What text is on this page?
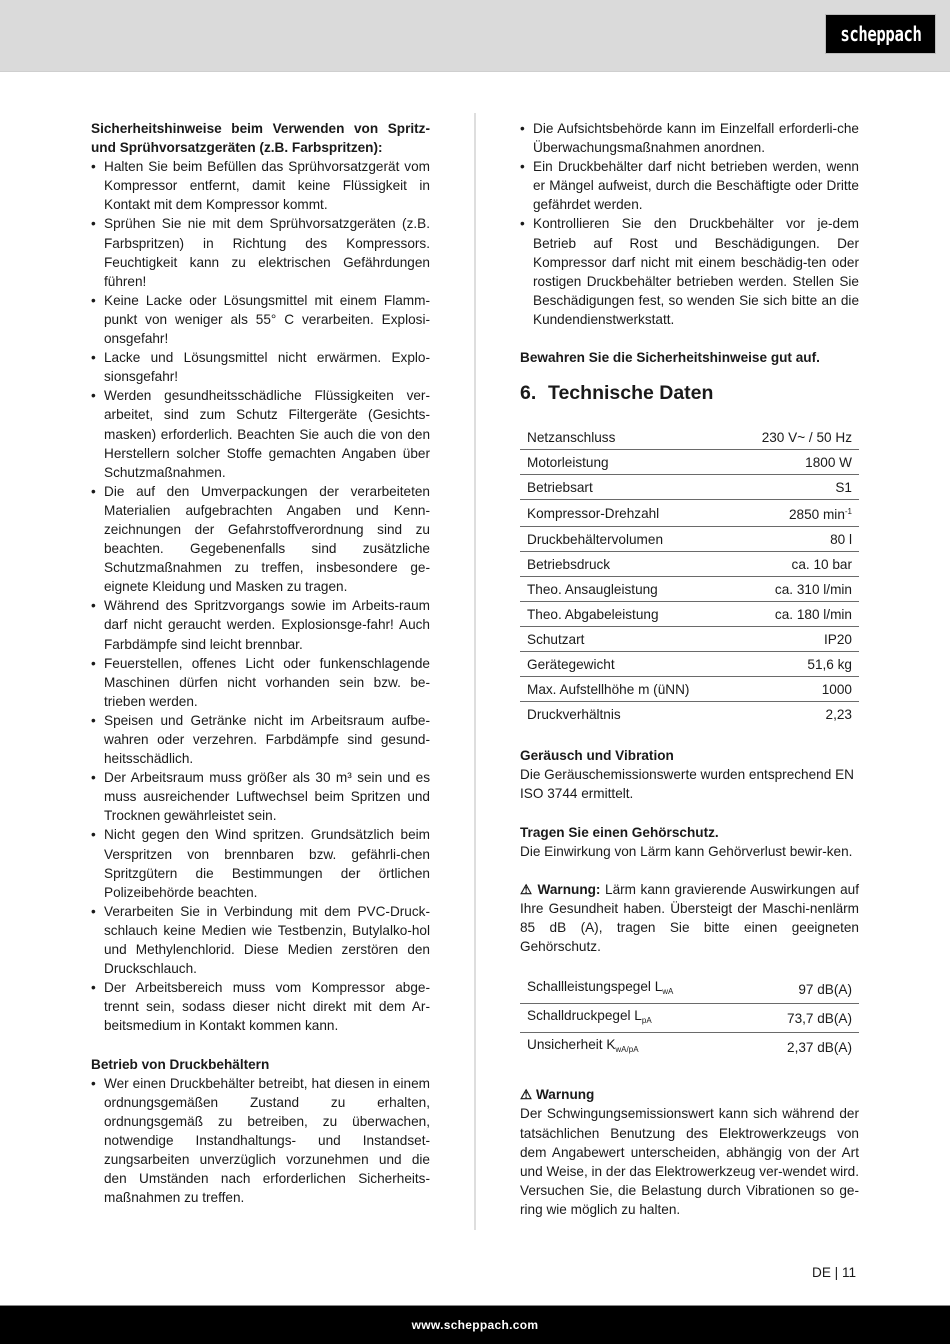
scheppach

Sicherheitshinweise beim Verwenden von Spritz- und Sprühvorsatzgeräten (z.B. Farbspritzen):

• Halten Sie beim Befüllen das Sprühvorsatzgerät vom Kompressor entfernt, damit keine Flüssigkeit in Kontakt mit dem Kompressor kommt.
• Sprühen Sie nie mit dem Sprühvorsatzgeräten (z.B. Farbspritzen) in Richtung des Kompressors. Feuchtigkeit kann zu elektrischen Gefährdungen führen!
• Keine Lacke oder Lösungsmittel mit einem Flamm-punkt von weniger als 55° C verarbeiten. Explosi-onsgefahr!
• Lacke und Lösungsmittel nicht erwärmen. Explo-sionsgefahr!
• Werden gesundheitsschädliche Flüssigkeiten ver-arbeitet, sind zum Schutz Filtergeräte (Gesichts-masken) erforderlich. Beachten Sie auch die von den Herstellern solcher Stoffe gemachten Angaben über Schutzmaßnahmen.
• Die auf den Umverpackungen der verarbeiteten Materialien aufgebrachten Angaben und Kenn-zeichnungen der Gefahrstoffverordnung sind zu beachten. Gegebenenfalls sind zusätzliche Schutzmaßnahmen zu treffen, insbesondere ge-eignete Kleidung und Masken zu tragen.
• Während des Spritzvorgangs sowie im Arbeits-raum darf nicht geraucht werden. Explosionsge-fahr! Auch Farbdämpfe sind leicht brennbar.
• Feuerstellen, offenes Licht oder funkenschlagende Maschinen dürfen nicht vorhanden sein bzw. be-trieben werden.
• Speisen und Getränke nicht im Arbeitsraum aufbe-wahren oder verzehren. Farbdämpfe sind gesund-heitsschädlich.
• Der Arbeitsraum muss größer als 30 m³ sein und es muss ausreichender Luftwechsel beim Spritzen und Trocknen gewährleistet sein.
• Nicht gegen den Wind spritzen. Grundsätzlich beim Verspritzen von brennbaren bzw. gefährli-chen Spritzgütern die Bestimmungen der örtlichen Polizeibehörde beachten.
• Verarbeiten Sie in Verbindung mit dem PVC-Druck-schlauch keine Medien wie Testbenzin, Butylalko-hol und Methylenchlorid. Diese Medien zerstören den Druckschlauch.
• Der Arbeitsbereich muss vom Kompressor abge-trennt sein, sodass dieser nicht direkt mit dem Ar-beitsmedium in Kontakt kommen kann.

Betrieb von Druckbehältern

• Wer einen Druckbehälter betreibt, hat diesen in einem ordnungsgemäßen Zustand zu erhalten, ordnungsgemäß zu betreiben, zu überwachen, notwendige Instandhaltungs- und Instandset-zungsarbeiten unverzüglich vorzunehmen und die den Umständen nach erforderlichen Sicherheits-maßnahmen zu treffen.
• Die Aufsichtsbehörde kann im Einzelfall erforderli-che Überwachungsmaßnahmen anordnen.
• Ein Druckbehälter darf nicht betrieben werden, wenn er Mängel aufweist, durch die Beschäftigte oder Dritte gefährdet werden.
• Kontrollieren Sie den Druckbehälter vor je-dem Betrieb auf Rost und Beschädigungen. Der Kompressor darf nicht mit einem beschädig-ten oder rostigen Druckbehälter betrieben werden. Stellen Sie Beschädigungen fest, so wenden Sie sich bitte an die Kundendienstwerkstatt.

Bewahren Sie die Sicherheitshinweise gut auf.

6. Technische Daten
Netzanschluss	230 V~ / 50 Hz
Motorleistung	1800 W
Betriebsart	S1
Kompressor-Drehzahl	2850 $\min^{-1}$
Druckbehältervolumen	80 l
Betriebsdruck	ca. 10 bar
Theo. Ansaugleistung	ca. 310 l/min
Theo. Abgabeleistung	ca. 180 l/min
Schutzart	IP20
Gerätegewicht	51,6 kg
Max. Aufstellhöhe m (üNN)	1000
Druckverhältnis	2,23

Geräusch und Vibration

Die Geräuschemissionswerte wurden entsprechend EN ISO 3744 ermittelt.

Tragen Sie einen Gehörschutz.

Die Einwirkung von Lärm kann Gehörverlust bewir-ken.

⚠ Warnung: Lärm kann gravierende Auswirkungen auf Ihre Gesundheit haben. Übersteigt der Maschi-nenlärm 85 dB (A), tragen Sie bitte einen geeigneten Gehörschutz.

Schallleistungspegel $L_{wA}$	97 dB(A)
Schalldruckpegel $L_{pA}$	73,7 dB(A)
Unsicherheit $K_{wA/pA}$	2,37 dB(A)

⚠ Warnung

Der Schwingungsemissionswert kann sich während der tatsächlichen Benutzung des Elektrowerkzeugs von dem Angabewert unterscheiden, abhängig von der Art und Weise, in der das Elektrowerkzeug ver-wendet wird.

Versuchen Sie, die Belastung durch Vibrationen so ge-ring wie möglich zu halten.

DE | 11
www.scheppach.com
